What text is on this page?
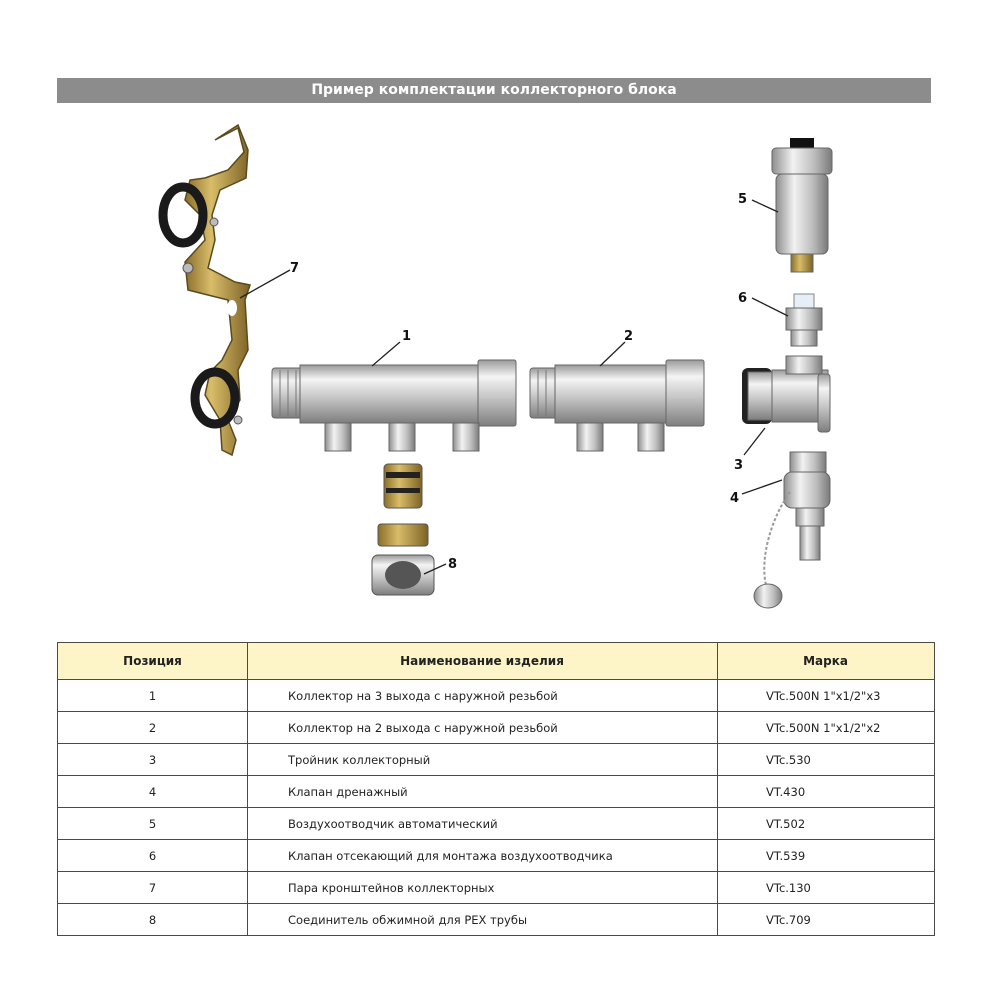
Пример комплектации коллекторного блока
1	2
3
4
5
6
7
8
Позиция	Наименование изделия	Марка
1	Коллектор на 3 выхода с наружной резьбой	VTc.500N 1"x1/2"x3
2	Коллектор на 2 выхода с наружной резьбой	VTc.500N 1"x1/2"x2
3	Тройник коллекторный	VTc.530
4	Клапан дренажный	VT.430
5	Воздухоотводчик автоматический	VT.502
6	Клапан отсекающий для монтажа воздухоотводчика	VT.539
7	Пара кронштейнов коллекторных	VTc.130
8	Соединитель обжимной для PEX трубы	VTc.709
